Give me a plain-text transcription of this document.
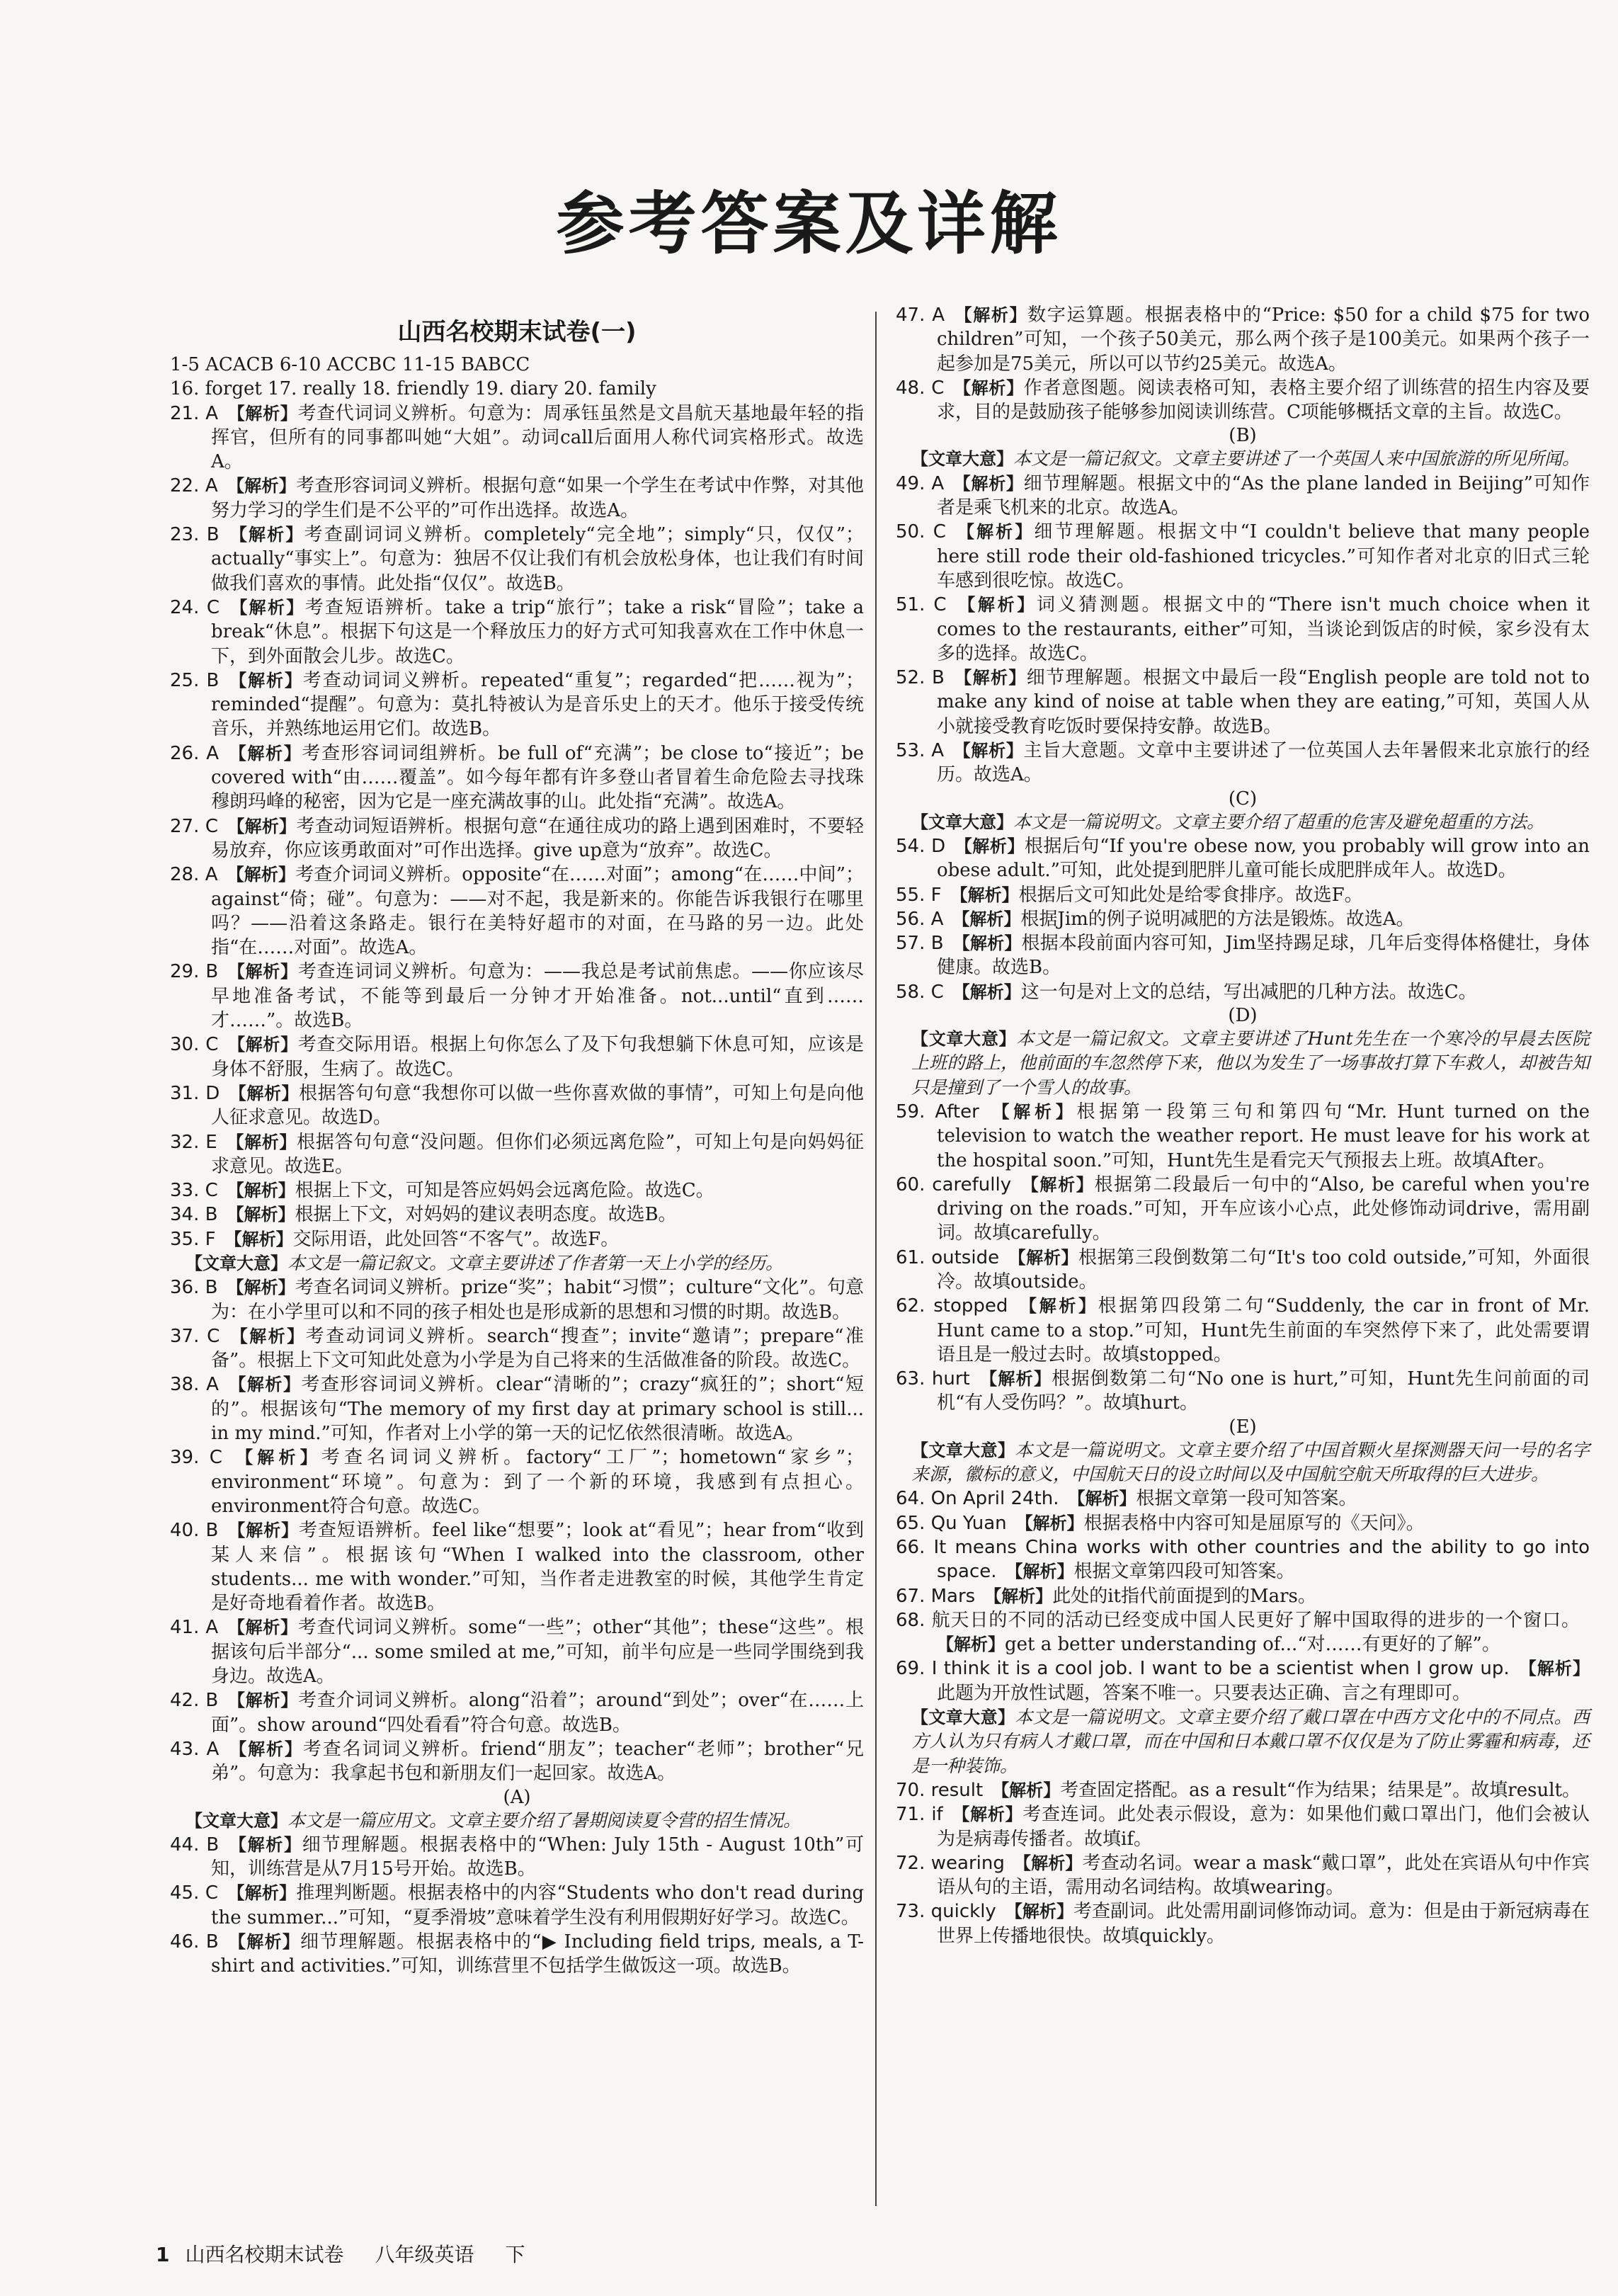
参考答案及详解
山西名校期末试卷(一)
1-5 ACACB 6-10 ACCBC 11-15 BABCC
16. forget 17. really 18. friendly 19. diary 20. family
21. A  【解析】考查代词词义辨析。句意为：周承钰虽然是文昌航天基地最年轻的指挥官，但所有的同事都叫她“大姐”。动词call后面用人称代词宾格形式。故选A。
22. A  【解析】考查形容词词义辨析。根据句意“如果一个学生在考试中作弊，对其他努力学习的学生们是不公平的”可作出选择。故选A。
23. B  【解析】考查副词词义辨析。completely“完全地”；simply“只，仅仅”；actually“事实上”。句意为：独居不仅让我们有机会放松身体，也让我们有时间做我们喜欢的事情。此处指“仅仅”。故选B。
24. C  【解析】考查短语辨析。take a trip“旅行”；take a risk“冒险”；take a break“休息”。根据下句这是一个释放压力的好方式可知我喜欢在工作中休息一下，到外面散会儿步。故选C。
25. B  【解析】考查动词词义辨析。repeated“重复”；regarded“把……视为”；reminded“提醒”。句意为：莫扎特被认为是音乐史上的天才。他乐于接受传统音乐，并熟练地运用它们。故选B。
26. A  【解析】考查形容词词组辨析。be full of“充满”；be close to“接近”；be covered with“由……覆盖”。如今每年都有许多登山者冒着生命危险去寻找珠穆朗玛峰的秘密，因为它是一座充满故事的山。此处指“充满”。故选A。
27. C  【解析】考查动词短语辨析。根据句意“在通往成功的路上遇到困难时，不要轻易放弃，你应该勇敢面对”可作出选择。give up意为“放弃”。故选C。
28. A  【解析】考查介词词义辨析。opposite“在……对面”；among“在……中间”；against“倚；碰”。句意为：——对不起，我是新来的。你能告诉我银行在哪里吗？——沿着这条路走。银行在美特好超市的对面，在马路的另一边。此处指“在……对面”。故选A。
29. B  【解析】考查连词词义辨析。句意为：——我总是考试前焦虑。——你应该尽早地准备考试，不能等到最后一分钟才开始准备。not...until“直到……才……”。故选B。
30. C  【解析】考查交际用语。根据上句你怎么了及下句我想躺下休息可知，应该是身体不舒服，生病了。故选C。
31. D  【解析】根据答句句意“我想你可以做一些你喜欢做的事情”，可知上句是向他人征求意见。故选D。
32. E  【解析】根据答句句意“没问题。但你们必须远离危险”，可知上句是向妈妈征求意见。故选E。
33. C  【解析】根据上下文，可知是答应妈妈会远离危险。故选C。
34. B  【解析】根据上下文，对妈妈的建议表明态度。故选B。
35. F  【解析】交际用语，此处回答“不客气”。故选F。
【文章大意】本文是一篇记叙文。文章主要讲述了作者第一天上小学的经历。
36. B  【解析】考查名词词义辨析。prize“奖”；habit“习惯”；culture“文化”。句意为：在小学里可以和不同的孩子相处也是形成新的思想和习惯的时期。故选B。
37. C  【解析】考查动词词义辨析。search“搜查”；invite“邀请”；prepare“准备”。根据上下文可知此处意为小学是为自己将来的生活做准备的阶段。故选C。
38. A  【解析】考查形容词词义辨析。clear“清晰的”；crazy“疯狂的”；short“短的”。根据该句“The memory of my first day at primary school is still... in my mind.”可知，作者对上小学的第一天的记忆依然很清晰。故选A。
39. C  【解析】考查名词词义辨析。factory“工厂”；hometown“家乡”；environment“环境”。句意为：到了一个新的环境，我感到有点担心。environment符合句意。故选C。
40. B  【解析】考查短语辨析。feel like“想要”；look at“看见”；hear from“收到某人来信”。根据该句“When I walked into the classroom, other students... me with wonder.”可知，当作者走进教室的时候，其他学生肯定是好奇地看着作者。故选B。
41. A  【解析】考查代词词义辨析。some“一些”；other“其他”；these“这些”。根据该句后半部分“... some smiled at me,”可知，前半句应是一些同学围绕到我身边。故选A。
42. B  【解析】考查介词词义辨析。along“沿着”；around“到处”；over“在……上面”。show around“四处看看”符合句意。故选B。
43. A  【解析】考查名词词义辨析。friend“朋友”；teacher“老师”；brother“兄弟”。句意为：我拿起书包和新朋友们一起回家。故选A。
(A)
【文章大意】本文是一篇应用文。文章主要介绍了暑期阅读夏令营的招生情况。
44. B  【解析】细节理解题。根据表格中的“When: July 15th - August 10th”可知，训练营是从7月15号开始。故选B。
45. C  【解析】推理判断题。根据表格中的内容“Students who don't read during the summer...”可知，“夏季滑坡”意味着学生没有利用假期好好学习。故选C。
46. B  【解析】细节理解题。根据表格中的“▶ Including field trips, meals, a T-shirt and activities.”可知，训练营里不包括学生做饭这一项。故选B。
47. A  【解析】数字运算题。根据表格中的“Price: $50 for a child $75 for two children”可知，一个孩子50美元，那么两个孩子是100美元。如果两个孩子一起参加是75美元，所以可以节约25美元。故选A。
48. C  【解析】作者意图题。阅读表格可知，表格主要介绍了训练营的招生内容及要求，目的是鼓励孩子能够参加阅读训练营。C项能够概括文章的主旨。故选C。
(B)
【文章大意】本文是一篇记叙文。文章主要讲述了一个英国人来中国旅游的所见所闻。
49. A  【解析】细节理解题。根据文中的“As the plane landed in Beijing”可知作者是乘飞机来的北京。故选A。
50. C  【解析】细节理解题。根据文中“I couldn't believe that many people here still rode their old-fashioned tricycles.”可知作者对北京的旧式三轮车感到很吃惊。故选C。
51. C  【解析】词义猜测题。根据文中的“There isn't much choice when it comes to the restaurants, either”可知，当谈论到饭店的时候，家乡没有太多的选择。故选C。
52. B  【解析】细节理解题。根据文中最后一段“English people are told not to make any kind of noise at table when they are eating,”可知，英国人从小就接受教育吃饭时要保持安静。故选B。
53. A  【解析】主旨大意题。文章中主要讲述了一位英国人去年暑假来北京旅行的经历。故选A。
(C)
【文章大意】本文是一篇说明文。文章主要介绍了超重的危害及避免超重的方法。
54. D  【解析】根据后句“If you're obese now, you probably will grow into an obese adult.”可知，此处提到肥胖儿童可能长成肥胖成年人。故选D。
55. F  【解析】根据后文可知此处是给零食排序。故选F。
56. A  【解析】根据Jim的例子说明减肥的方法是锻炼。故选A。
57. B  【解析】根据本段前面内容可知，Jim坚持踢足球，几年后变得体格健壮，身体健康。故选B。
58. C  【解析】这一句是对上文的总结，写出减肥的几种方法。故选C。
(D)
【文章大意】本文是一篇记叙文。文章主要讲述了Hunt先生在一个寒冷的早晨去医院上班的路上，他前面的车忽然停下来，他以为发生了一场事故打算下车救人，却被告知只是撞到了一个雪人的故事。
59. After  【解析】根据第一段第三句和第四句“Mr. Hunt turned on the television to watch the weather report. He must leave for his work at the hospital soon.”可知，Hunt先生是看完天气预报去上班。故填After。
60. carefully  【解析】根据第二段最后一句中的“Also, be careful when you're driving on the roads.”可知，开车应该小心点，此处修饰动词drive，需用副词。故填carefully。
61. outside  【解析】根据第三段倒数第二句“It's too cold outside,”可知，外面很冷。故填outside。
62. stopped  【解析】根据第四段第二句“Suddenly, the car in front of Mr. Hunt came to a stop.”可知，Hunt先生前面的车突然停下来了，此处需要谓语且是一般过去时。故填stopped。
63. hurt  【解析】根据倒数第二句“No one is hurt,”可知，Hunt先生问前面的司机“有人受伤吗？”。故填hurt。
(E)
【文章大意】本文是一篇说明文。文章主要介绍了中国首颗火星探测器天问一号的名字来源，徽标的意义，中国航天日的设立时间以及中国航空航天所取得的巨大进步。
64. On April 24th.  【解析】根据文章第一段可知答案。
65. Qu Yuan  【解析】根据表格中内容可知是屈原写的《天问》。
66. It means China works with other countries and the ability to go into space.  【解析】根据文章第四段可知答案。
67. Mars  【解析】此处的it指代前面提到的Mars。
68. 航天日的不同的活动已经变成中国人民更好了解中国取得的进步的一个窗口。 【解析】get a better understanding of...“对……有更好的了解”。
69. I think it is a cool job. I want to be a scientist when I grow up.  【解析】此题为开放性试题，答案不唯一。只要表达正确、言之有理即可。
【文章大意】本文是一篇说明文。文章主要介绍了戴口罩在中西方文化中的不同点。西方人认为只有病人才戴口罩，而在中国和日本戴口罩不仅仅是为了防止雾霾和病毒，还是一种装饰。
70. result  【解析】考查固定搭配。as a result“作为结果；结果是”。故填result。
71. if  【解析】考查连词。此处表示假设，意为：如果他们戴口罩出门，他们会被认为是病毒传播者。故填if。
72. wearing  【解析】考查动名词。wear a mask“戴口罩”，此处在宾语从句中作宾语从句的主语，需用动名词结构。故填wearing。
73. quickly  【解析】考查副词。此处需用副词修饰动词。意为：但是由于新冠病毒在世界上传播地很快。故填quickly。
1 山西名校期末试卷 八年级英语 下
